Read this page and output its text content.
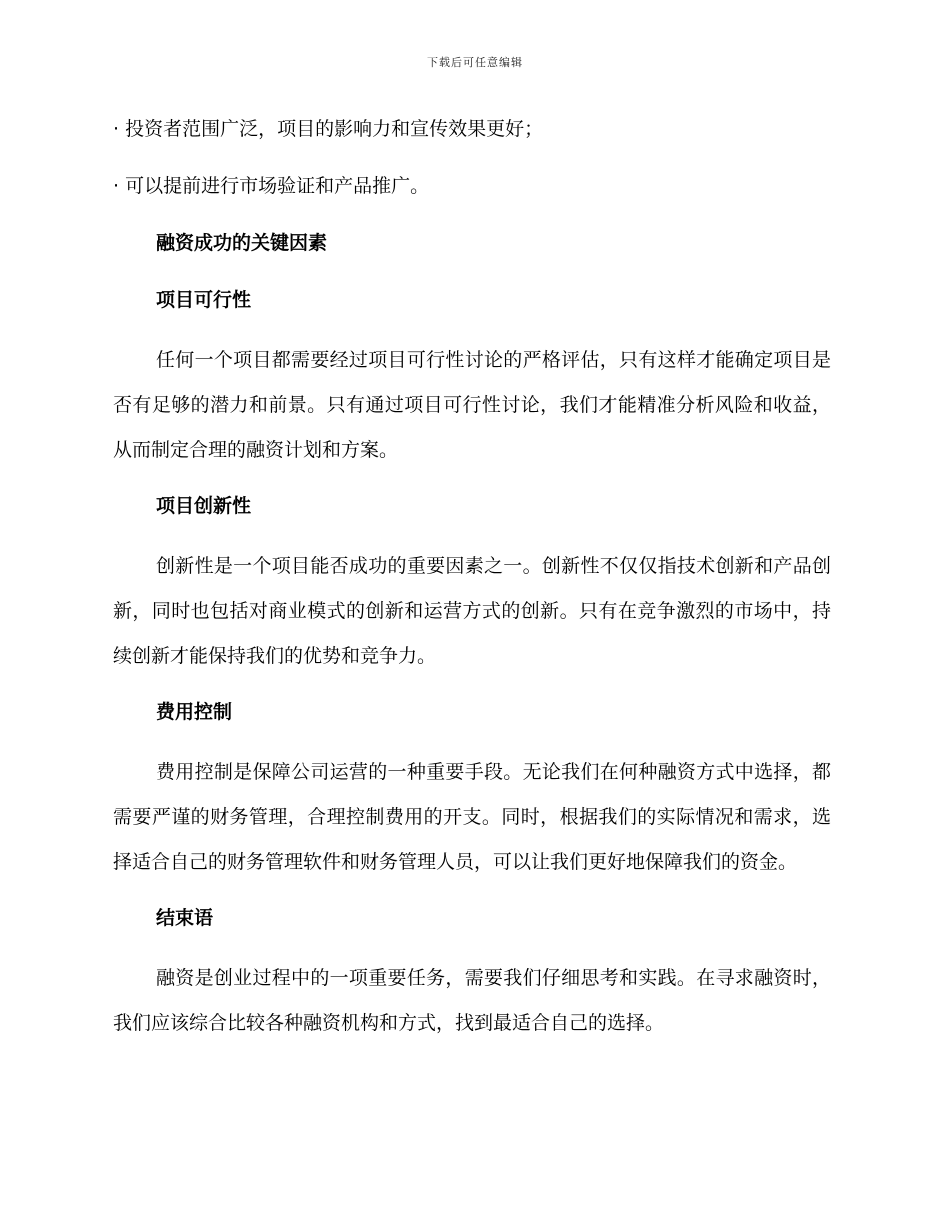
下载后可任意编辑

· 投资者范围广泛，项目的影响力和宣传效果更好；

· 可以提前进行市场验证和产品推广。

融资成功的关键因素

项目可行性

任何一个项目都需要经过项目可行性讨论的严格评估，只有这样才能确定项目是否有足够的潜力和前景。只有通过项目可行性讨论，我们才能精准分析风险和收益，从而制定合理的融资计划和方案。

项目创新性

创新性是一个项目能否成功的重要因素之一。创新性不仅仅指技术创新和产品创新，同时也包括对商业模式的创新和运营方式的创新。只有在竞争激烈的市场中，持续创新才能保持我们的优势和竞争力。

费用控制

费用控制是保障公司运营的一种重要手段。无论我们在何种融资方式中选择，都需要严谨的财务管理，合理控制费用的开支。同时，根据我们的实际情况和需求，选择适合自己的财务管理软件和财务管理人员，可以让我们更好地保障我们的资金。

结束语

融资是创业过程中的一项重要任务，需要我们仔细思考和实践。在寻求融资时，我们应该综合比较各种融资机构和方式，找到最适合自己的选择。
